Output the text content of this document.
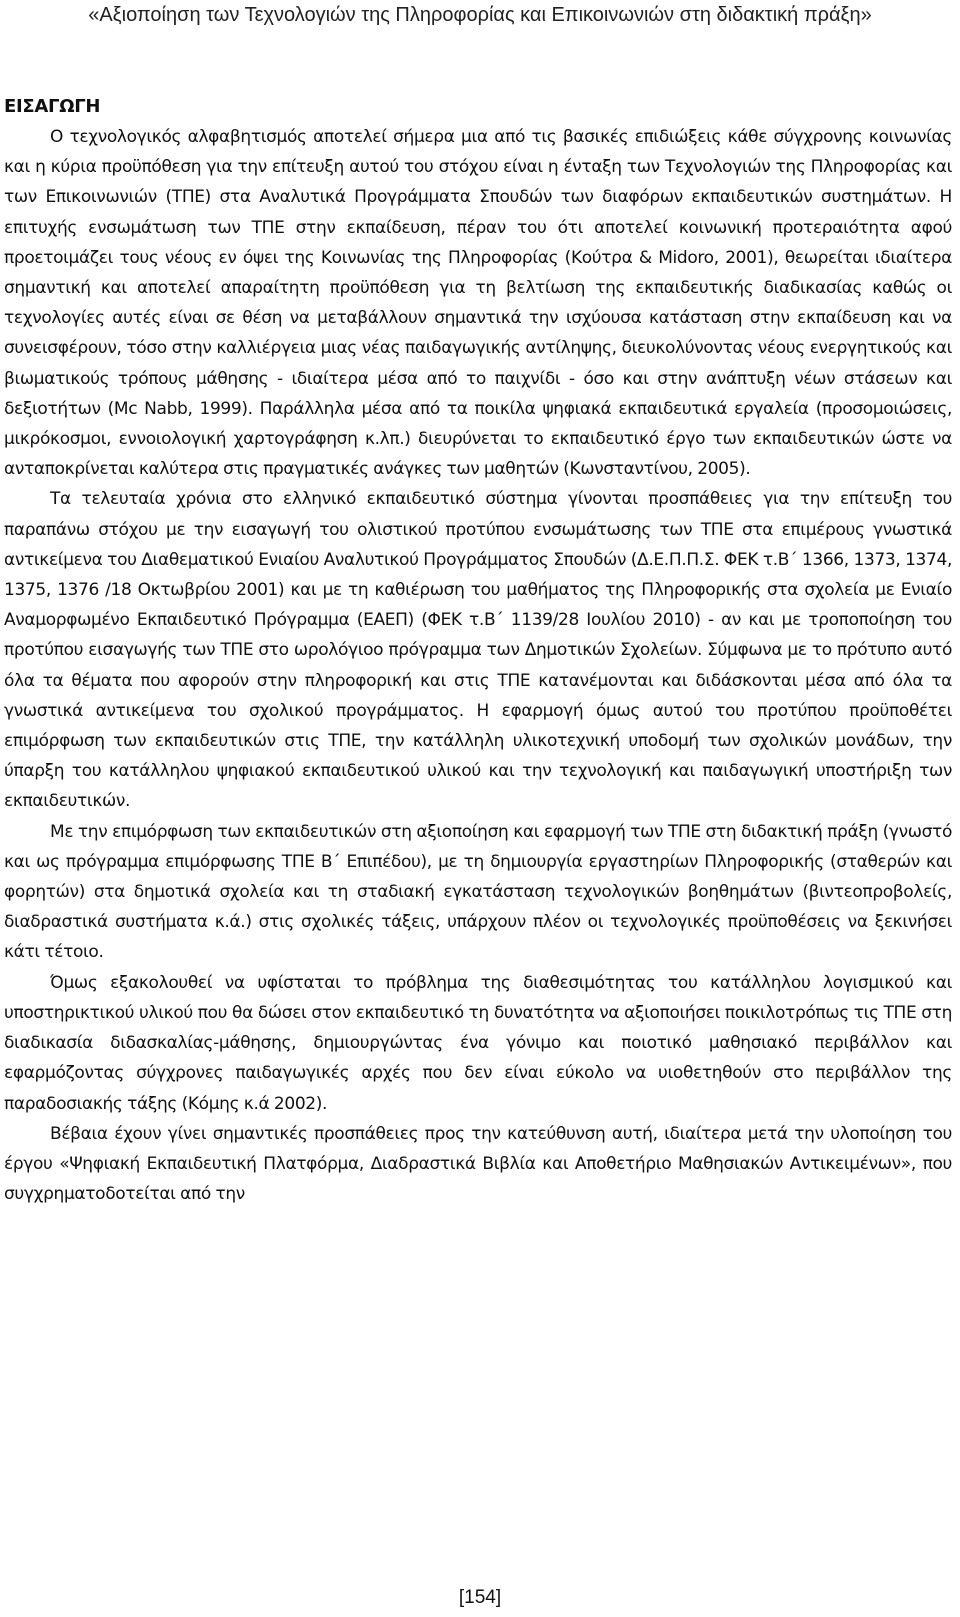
«Αξιοποίηση των Τεχνολογιών της Πληροφορίας και Επικοινωνιών στη διδακτική πράξη»
ΕΙΣΑΓΩΓΗ

Ο τεχνολογικός αλφαβητισμός αποτελεί σήμερα μια από τις βασικές επιδιώξεις κάθε σύγχρονης κοινωνίας και η κύρια προϋπόθεση για την επίτευξη αυτού του στόχου είναι η ένταξη των Τεχνολογιών της Πληροφορίας και των Επικοινωνιών (ΤΠΕ) στα Αναλυτικά Προγράμματα Σπουδών των διαφόρων εκπαιδευτικών συστημάτων. Η επιτυχής ενσωμάτωση των ΤΠΕ στην εκπαίδευση, πέραν του ότι αποτελεί κοινωνική προτεραιότητα αφού προετοιμάζει τους νέους εν όψει της Κοινωνίας της Πληροφορίας (Κούτρα & Midoro, 2001), θεωρείται ιδιαίτερα σημαντική και αποτελεί απαραίτητη προϋπόθεση για τη βελτίωση της εκπαιδευτικής διαδικασίας καθώς οι τεχνολογίες αυτές είναι σε θέση να μεταβάλλουν σημαντικά την ισχύουσα κατάσταση στην εκπαίδευση και να συνεισφέρουν, τόσο στην καλλιέργεια μιας νέας παιδαγωγικής αντίληψης, διευκολύνοντας νέους ενεργητικούς και βιωματικούς τρόπους μάθησης - ιδιαίτερα μέσα από το παιχνίδι - όσο και στην ανάπτυξη νέων στάσεων και δεξιοτήτων (Mc Nabb, 1999). Παράλληλα μέσα από τα ποικίλα ψηφιακά εκπαιδευτικά εργαλεία (προσομοιώσεις, μικρόκοσμοι, εννοιολογική χαρτογράφηση κ.λπ.) διευρύνεται το εκπαιδευτικό έργο των εκπαιδευτικών ώστε να ανταποκρίνεται καλύτερα στις πραγματικές ανάγκες των μαθητών (Κωνσταντίνου, 2005).

Τα τελευταία χρόνια στο ελληνικό εκπαιδευτικό σύστημα γίνονται προσπάθειες για την επίτευξη του παραπάνω στόχου με την εισαγωγή του ολιστικού προτύπου ενσωμάτωσης των ΤΠΕ στα επιμέρους γνωστικά αντικείμενα του Διαθεματικού Ενιαίου Αναλυτικού Προγράμματος Σπουδών (Δ.Ε.Π.Π.Σ. ΦΕΚ τ.Β΄ 1366, 1373, 1374, 1375, 1376 /18 Οκτωβρίου 2001) και με τη καθιέρωση του μαθήματος της Πληροφορικής στα σχολεία με Ενιαίο Αναμορφωμένο Εκπαιδευτικό Πρόγραμμα (ΕΑΕΠ) (ΦΕΚ τ.Β΄ 1139/28 Ιουλίου 2010) - αν και με τροποποίηση του προτύπου εισαγωγής των ΤΠΕ στο ωρολόγιοο πρόγραμμα των Δημοτικών Σχολείων. Σύμφωνα με το πρότυπο αυτό όλα τα θέματα που αφορούν στην πληροφορική και στις ΤΠΕ κατανέμονται και διδάσκονται μέσα από όλα τα γνωστικά αντικείμενα του σχολικού προγράμματος. Η εφαρμογή όμως αυτού του προτύπου προϋποθέτει επιμόρφωση των εκπαιδευτικών στις ΤΠΕ, την κατάλληλη υλικοτεχνική υποδομή των σχολικών μονάδων, την ύπαρξη του κατάλληλου ψηφιακού εκπαιδευτικού υλικού και την τεχνολογική και παιδαγωγική υποστήριξη των εκπαιδευτικών.

Με την επιμόρφωση των εκπαιδευτικών στη αξιοποίηση και εφαρμογή των ΤΠΕ στη διδακτική πράξη (γνωστό και ως πρόγραμμα επιμόρφωσης ΤΠΕ Β΄ Επιπέδου), με τη δημιουργία εργαστηρίων Πληροφορικής (σταθερών και φορητών) στα δημοτικά σχολεία και τη σταδιακή εγκατάσταση τεχνολογικών βοηθημάτων (βιντεοπροβολείς, διαδραστικά συστήματα κ.ά.) στις σχολικές τάξεις, υπάρχουν πλέον οι τεχνολογικές προϋποθέσεις να ξεκινήσει κάτι τέτοιο.

Όμως εξακολουθεί να υφίσταται το πρόβλημα της διαθεσιμότητας του κατάλληλου λογισμικού και υποστηρικτικού υλικού που θα δώσει στον εκπαιδευτικό τη δυνατότητα να αξιοποιήσει ποικιλοτρόπως τις ΤΠΕ στη διαδικασία διδασκαλίας-μάθησης, δημιουργώντας ένα γόνιμο και ποιοτικό μαθησιακό περιβάλλον και εφαρμόζοντας σύγχρονες παιδαγωγικές αρχές που δεν είναι εύκολο να υιοθετηθούν στο περιβάλλον της παραδοσιακής τάξης (Κόμης κ.ά 2002).

Βέβαια έχουν γίνει σημαντικές προσπάθειες προς την κατεύθυνση αυτή, ιδιαίτερα μετά την υλοποίηση του έργου «Ψηφιακή Εκπαιδευτική Πλατφόρμα, Διαδραστικά Βιβλία και Αποθετήριο Μαθησιακών Αντικειμένων», που συγχρηματοδοτείται από την

[154]
